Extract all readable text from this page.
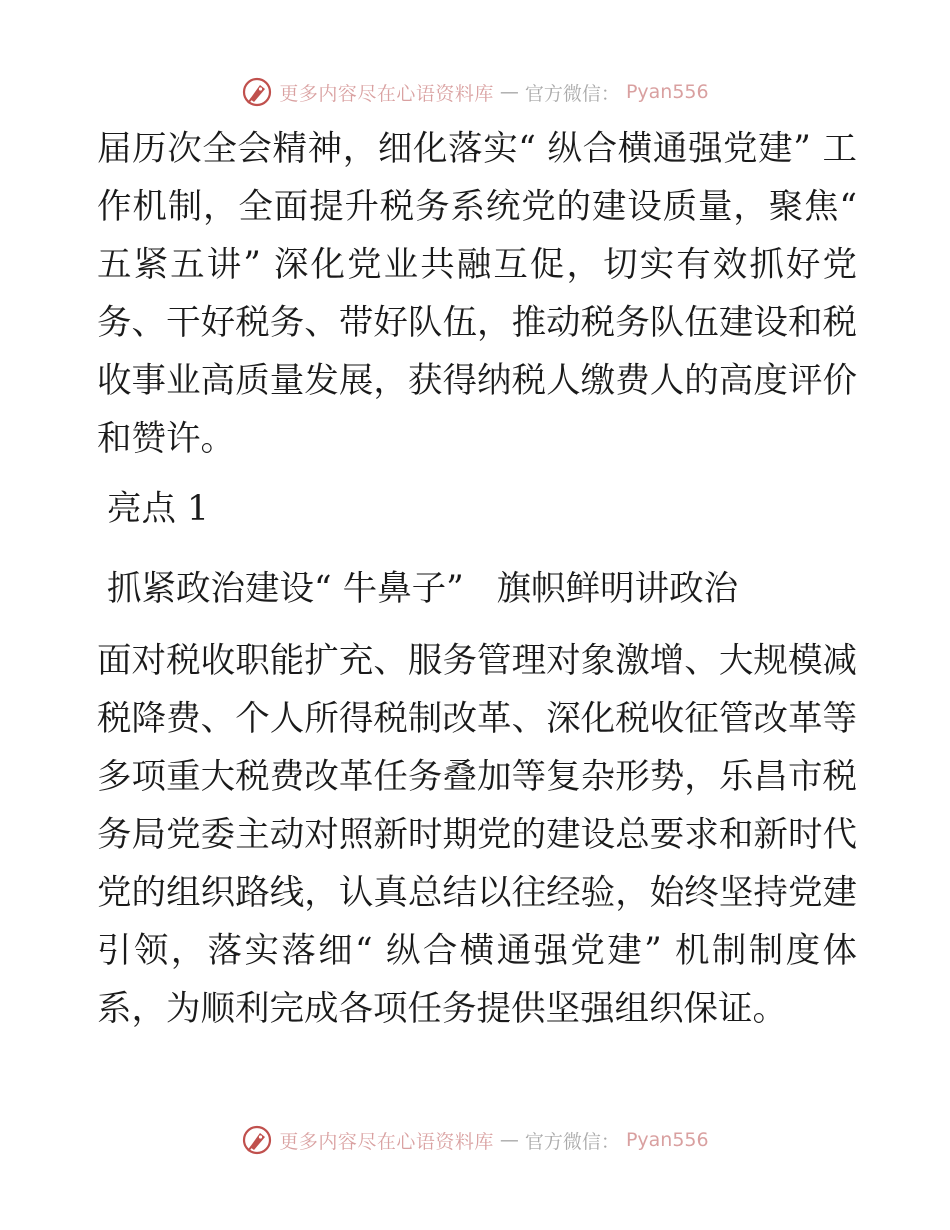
更多内容尽在心语资料库 — 官方微信： Pyan556

届历次全会精神，细化落实“ 纵合横通强党建” 工作机制，全面提升税务系统党的建设质量，聚焦“ 五紧五讲” 深化党业共融互促，切实有效抓好党务、干好税务、带好队伍，推动税务队伍建设和税收事业高质量发展，获得纳税人缴费人的高度评价和赞许。

亮点 1

抓紧政治建设“ 牛鼻子”   旗帜鲜明讲政治

面对税收职能扩充、服务管理对象激增、大规模减税降费、个人所得税制改革、深化税收征管改革等多项重大税费改革任务叠加等复杂形势，乐昌市税务局党委主动对照新时期党的建设总要求和新时代党的组织路线，认真总结以往经验，始终坚持党建引领，落实落细“ 纵合横通强党建” 机制制度体系，为顺利完成各项任务提供坚强组织保证。

更多内容尽在心语资料库 — 官方微信： Pyan556
